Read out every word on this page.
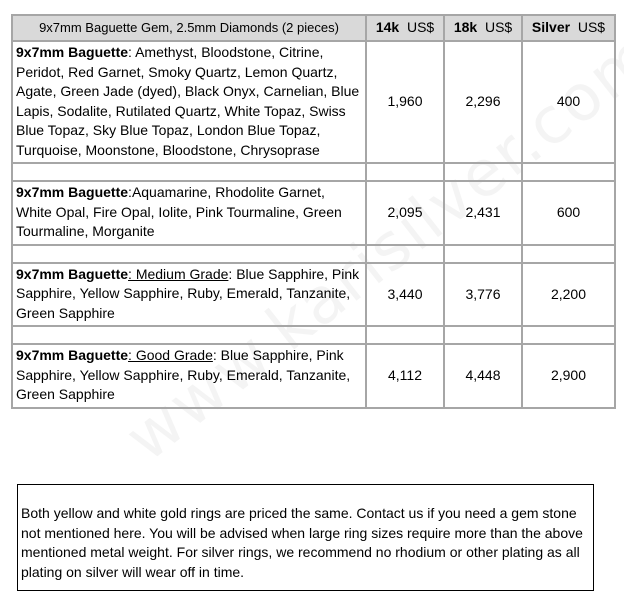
9x7mm Baguette Gem, 2.5mm Diamonds (2 pieces)	14k US$	18k US$	Silver US$
9x7mm Baguette: Amethyst, Bloodstone, Citrine, Peridot, Red Garnet, Smoky Quartz, Lemon Quartz, Agate, Green Jade (dyed), Black Onyx, Carnelian, Blue Lapis, Sodalite, Rutilated Quartz, White Topaz, Swiss Blue Topaz, Sky Blue Topaz, London Blue Topaz, Turquoise, Moonstone, Bloodstone, Chrysoprase	1,960	2,296	400

9x7mm Baguette:Aquamarine, Rhodolite Garnet, White Opal, Fire Opal, Iolite, Pink Tourmaline, Green Tourmaline, Morganite	2,095	2,431	600

9x7mm Baguette: Medium Grade: Blue Sapphire, Pink Sapphire, Yellow Sapphire, Ruby, Emerald, Tanzanite, Green Sapphire	3,440	3,776	2,200

9x7mm Baguette: Good Grade: Blue Sapphire, Pink Sapphire, Yellow Sapphire, Ruby, Emerald, Tanzanite, Green Sapphire	4,112	4,448	2,900
Both yellow and white gold rings are priced the same. Contact us if you need a gem stone not mentioned here. You will be advised when large ring sizes require more than the above mentioned metal weight. For silver rings, we recommend no rhodium or other plating as all plating on silver will wear off in time.
